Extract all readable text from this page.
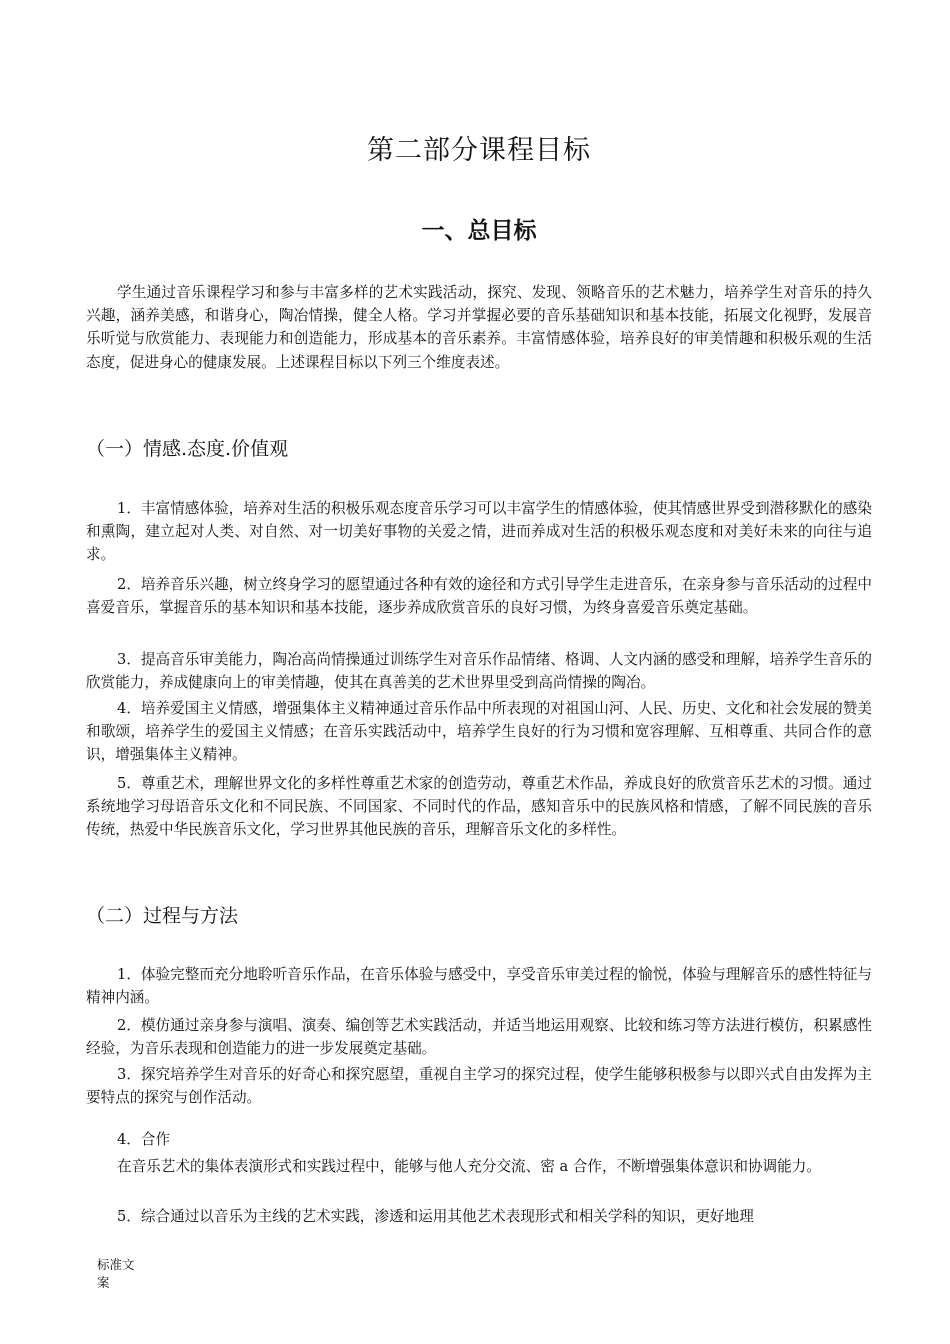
第二部分课程目标
一、总目标

学生通过音乐课程学习和参与丰富多样的艺术实践活动，探究、发现、领略音乐的艺术魅力，培养学生对音乐的持久兴趣，涵养美感，和谐身心，陶冶情操，健全人格。学习并掌握必要的音乐基础知识和基本技能，拓展文化视野，发展音乐听觉与欣赏能力、表现能力和创造能力，形成基本的音乐素养。丰富情感体验，培养良好的审美情趣和积极乐观的生活态度，促进身心的健康发展。上述课程目标以下列三个维度表述。

（一）情感.态度.价值观

1．丰富情感体验，培养对生活的积极乐观态度音乐学习可以丰富学生的情感体验，使其情感世界受到潜移默化的感染和熏陶，建立起对人类、对自然、对一切美好事物的关爱之情，进而养成对生活的积极乐观态度和对美好未来的向往与追求。

2．培养音乐兴趣，树立终身学习的愿望通过各种有效的途径和方式引导学生走进音乐，在亲身参与音乐活动的过程中喜爱音乐，掌握音乐的基本知识和基本技能，逐步养成欣赏音乐的良好习惯，为终身喜爱音乐奠定基础。

3．提高音乐审美能力，陶冶高尚情操通过训练学生对音乐作品情绪、格调、人文内涵的感受和理解，培养学生音乐的欣赏能力，养成健康向上的审美情趣，使其在真善美的艺术世界里受到高尚情操的陶冶。

4．培养爱国主义情感，增强集体主义精神通过音乐作品中所表现的对祖国山河、人民、历史、文化和社会发展的赞美和歌颂，培养学生的爱国主义情感；在音乐实践活动中，培养学生良好的行为习惯和宽容理解、互相尊重、共同合作的意识，增强集体主义精神。

5．尊重艺术，理解世界文化的多样性尊重艺术家的创造劳动，尊重艺术作品，养成良好的欣赏音乐艺术的习惯。通过系统地学习母语音乐文化和不同民族、不同国家、不同时代的作品，感知音乐中的民族风格和情感，了解不同民族的音乐传统，热爱中华民族音乐文化，学习世界其他民族的音乐，理解音乐文化的多样性。

（二）过程与方法

1．体验完整而充分地聆听音乐作品，在音乐体验与感受中，享受音乐审美过程的愉悦，体验与理解音乐的感性特征与精神内涵。

2．模仿通过亲身参与演唱、演奏、编创等艺术实践活动，并适当地运用观察、比较和练习等方法进行模仿，积累感性经验，为音乐表现和创造能力的进一步发展奠定基础。

3．探究培养学生对音乐的好奇心和探究愿望，重视自主学习的探究过程，使学生能够积极参与以即兴式自由发挥为主要特点的探究与创作活动。

4．合作

在音乐艺术的集体表演形式和实践过程中，能够与他人充分交流、密 a 合作，不断增强集体意识和协调能力。

5．综合通过以音乐为主线的艺术实践，渗透和运用其他艺术表现形式和相关学科的知识，更好地理

标准文案
